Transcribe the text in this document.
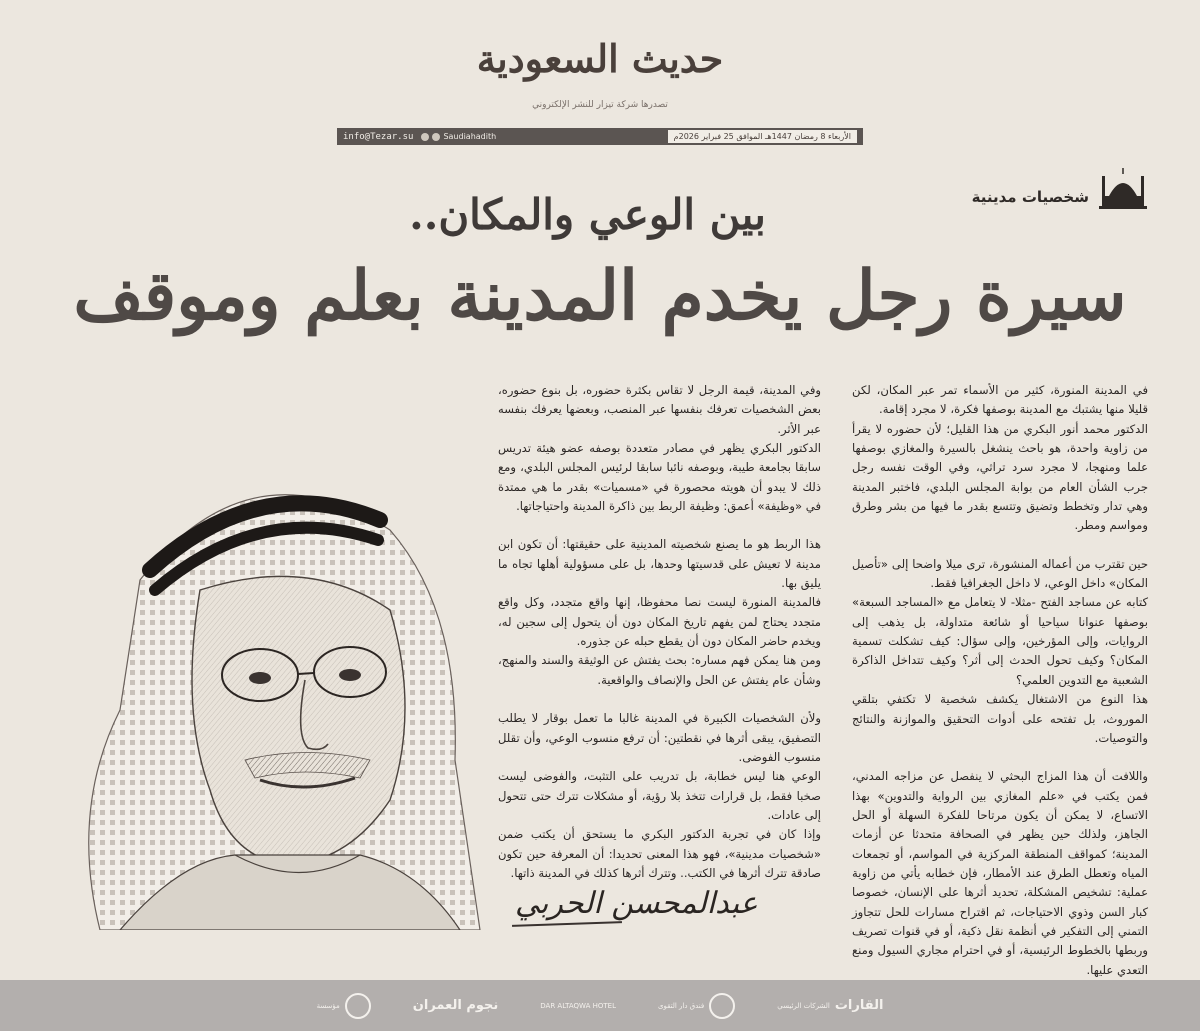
حديث السعودية
تصدرها شركة تيزار للنشر الإلكتروني
info@Tezar.su	Saudiahadith	الأربعاء 8 رمضان 1447هـ الموافق 25 فبراير 2026م
شخصيات مدينية
بين الوعي والمكان..
سيرة رجل يخدم المدينة بعلم وموقف

في المدينة المنورة، كثير من الأسماء تمر عبر المكان، لكن قليلا منها يشتبك مع المدينة بوصفها فكرة، لا مجرد إقامة.

الدكتور محمد أنور البكري من هذا القليل؛ لأن حضوره لا يقرأ من زاوية واحدة، هو باحث ينشغل بالسيرة والمغازي بوصفها علما ومنهجا، لا مجرد سرد تراثي، وفي الوقت نفسه رجل جرب الشأن العام من بوابة المجلس البلدي، فاختبر المدينة وهي تدار وتخطط وتضيق وتتسع بقدر ما فيها من بشر وطرق ومواسم ومطر.

حين تقترب من أعماله المنشورة، ترى ميلا واضحا إلى «تأصيل المكان» داخل الوعي، لا داخل الجغرافيا فقط.

كتابه عن مساجد الفتح -مثلا- لا يتعامل مع «المساجد السبعة» بوصفها عنوانا سياحيا أو شائعة متداولة، بل يذهب إلى الروايات، وإلى المؤرخين، وإلى سؤال: كيف تشكلت تسمية المكان؟ وكيف تحول الحدث إلى أثر؟ وكيف تتداخل الذاكرة الشعبية مع التدوين العلمي؟

هذا النوع من الاشتغال يكشف شخصية لا تكتفي بتلقي الموروث، بل تفتحه على أدوات التحقيق والموازنة والنتائج والتوصيات.

واللافت أن هذا المزاج البحثي لا ينفصل عن مزاجه المدني، فمن يكتب في «علم المغازي بين الرواية والتدوين» بهذا الاتساع، لا يمكن أن يكون مرتاحا للفكرة السهلة أو الحل الجاهز، ولذلك حين يظهر في الصحافة متحدثا عن أزمات المدينة؛ كمواقف المنطقة المركزية في المواسم، أو تجمعات المياه وتعطل الطرق عند الأمطار، فإن خطابه يأتي من زاوية عملية: تشخيص المشكلة، تحديد أثرها على الإنسان، خصوصا كبار السن وذوي الاحتياجات، ثم اقتراح مسارات للحل تتجاوز التمني إلى التفكير في أنظمة نقل ذكية، أو في قنوات تصريف وربطها بالخطوط الرئيسية، أو في احترام مجاري السيول ومنع التعدي عليها.

وفي المدينة، قيمة الرجل لا تقاس بكثرة حضوره، بل بنوع حضوره، بعض الشخصيات تعرفك بنفسها عبر المنصب، وبعضها يعرفك بنفسه عبر الأثر.

الدكتور البكري يظهر في مصادر متعددة بوصفه عضو هيئة تدريس سابقا بجامعة طيبة، وبوصفه نائبا سابقا لرئيس المجلس البلدي، ومع ذلك لا يبدو أن هويته محصورة في «مسميات» بقدر ما هي ممتدة في «وظيفة» أعمق: وظيفة الربط بين ذاكرة المدينة واحتياجاتها.

هذا الربط هو ما يصنع شخصيته المدينية على حقيقتها: أن تكون ابن مدينة لا تعيش على قدسيتها وحدها، بل على مسؤولية أهلها تجاه ما يليق بها.

فالمدينة المنورة ليست نصا محفوظا، إنها واقع متجدد، وكل واقع متجدد يحتاج لمن يفهم تاريخ المكان دون أن يتحول إلى سجين له، ويخدم حاضر المكان دون أن يقطع حبله عن جذوره.

ومن هنا يمكن فهم مساره: بحث يفتش عن الوثيقة والسند والمنهج، وشأن عام يفتش عن الحل والإنصاف والواقعية.

ولأن الشخصيات الكبيرة في المدينة غالبا ما تعمل بوقار لا يطلب التصفيق، يبقى أثرها في نقطتين: أن ترفع منسوب الوعي، وأن تقلل منسوب الفوضى.

الوعي هنا ليس خطابة، بل تدريب على التثبت، والفوضى ليست صخبا فقط، بل قرارات تتخذ بلا رؤية، أو مشكلات تترك حتى تتحول إلى عادات.

وإذا كان في تجربة الدكتور البكري ما يستحق أن يكتب ضمن «شخصيات مدينية»، فهو هذا المعنى تحديدا: أن المعرفة حين تكون صادقة تترك أثرها في الكتب.. وتترك أثرها كذلك في المدينة ذاتها.

عبدالمحسن الحربي
مؤسسة	نجوم العمران	DAR ALTAQWA HOTEL	فندق دار التقوى	القارات
الشركات الرئيسي
